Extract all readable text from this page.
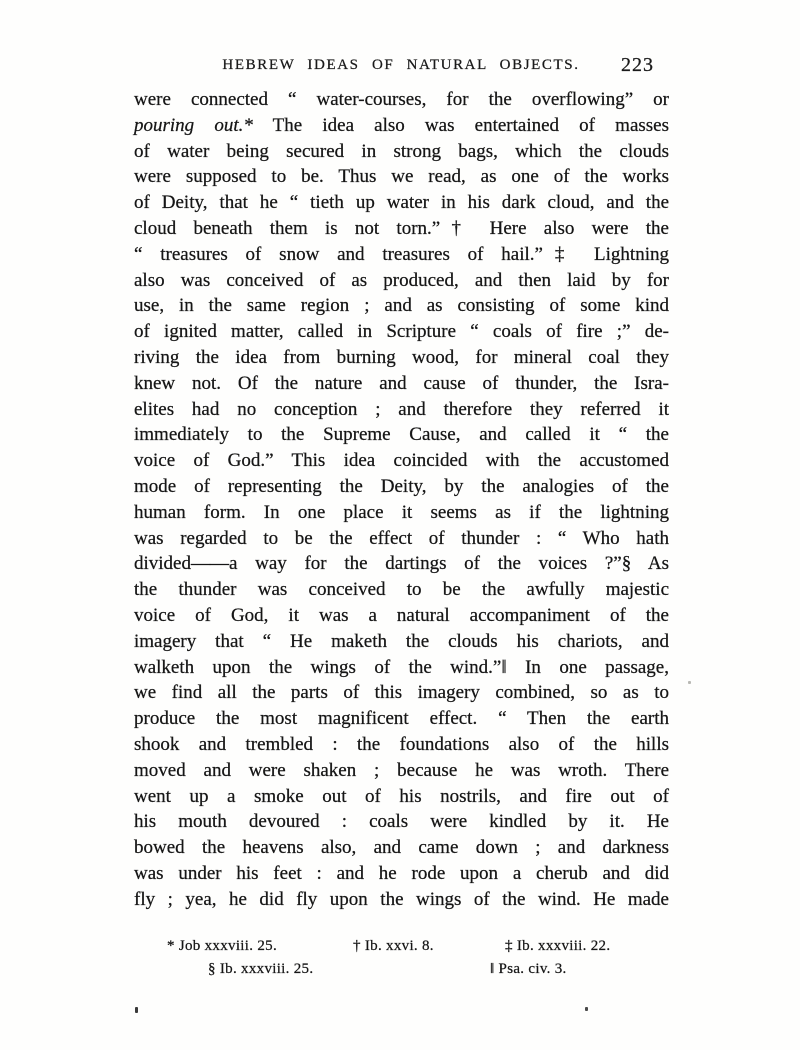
HEBREW IDEAS OF NATURAL OBJECTS.	223
were connected “ water-courses, for the overflowing” or
pouring out.* The idea also was entertained of masses
of water being secured in strong bags, which the clouds
were supposed to be. Thus we read, as one of the works
of Deity, that he “ tieth up water in his dark cloud, and the
cloud beneath them is not torn.”† Here also were the
“ treasures of snow and treasures of hail.”‡ Lightning
also was conceived of as produced, and then laid by for
use, in the same region ; and as consisting of some kind
of ignited matter, called in Scripture “ coals of fire ;” de-
riving the idea from burning wood, for mineral coal they
knew not. Of the nature and cause of thunder, the Isra-
elites had no conception ; and therefore they referred it
immediately to the Supreme Cause, and called it “ the
voice of God.” This idea coincided with the accustomed
mode of representing the Deity, by the analogies of the
human form. In one place it seems as if the lightning
was regarded to be the effect of thunder : “ Who hath
divided——a way for the dartings of the voices ?”§ As
the thunder was conceived to be the awfully majestic
voice of God, it was a natural accompaniment of the
imagery that “ He maketh the clouds his chariots, and
walketh upon the wings of the wind.”‖ In one passage,
we find all the parts of this imagery combined, so as to
produce the most magnificent effect. “ Then the earth
shook and trembled : the foundations also of the hills
moved and were shaken ; because he was wroth. There
went up a smoke out of his nostrils, and fire out of
his mouth devoured : coals were kindled by it. He
bowed the heavens also, and came down ; and darkness
was under his feet : and he rode upon a cherub and did
fly ; yea, he did fly upon the wings of the wind. He made
* Job xxxviii. 25.	† Ib. xxvi. 8.	‡ Ib. xxxviii. 22.
§ Ib. xxxviii. 25.	‖ Psa. civ. 3.
